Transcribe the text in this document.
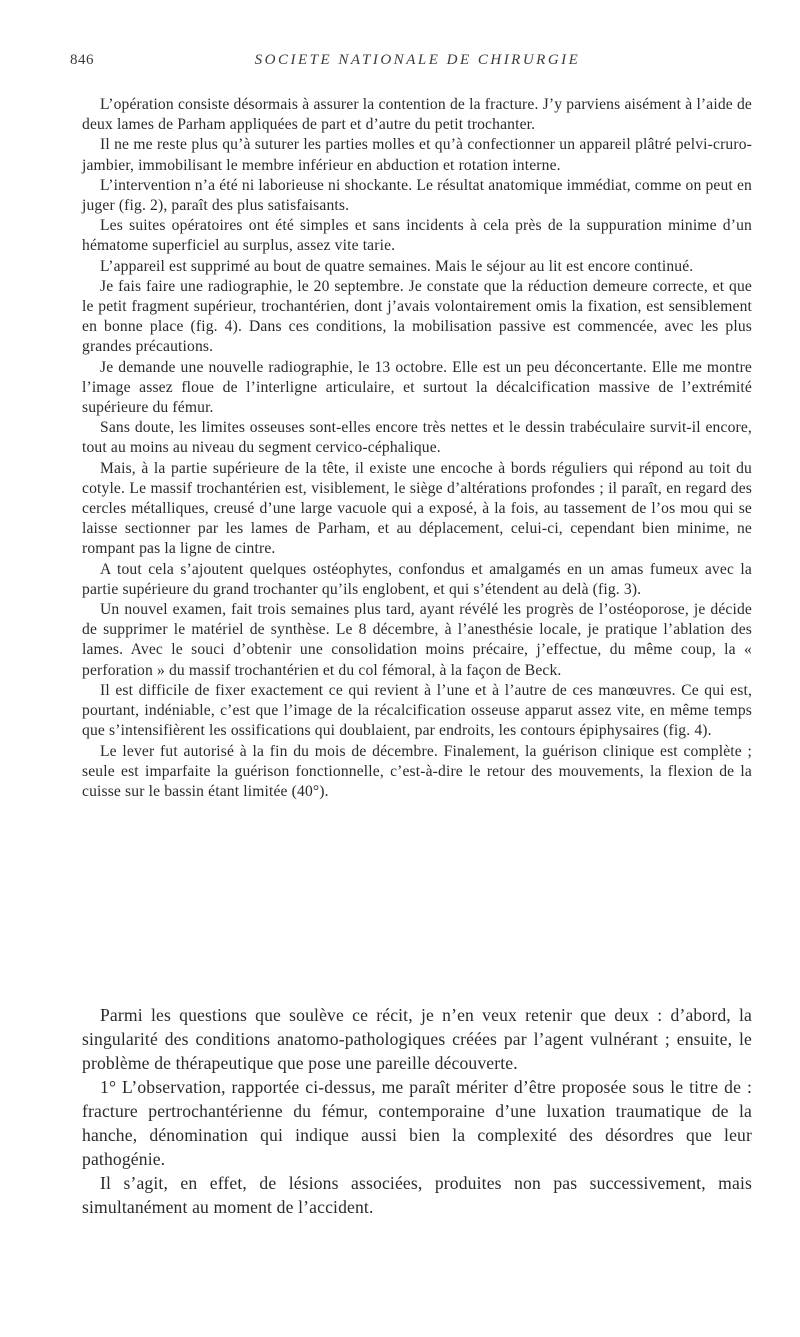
846	SOCIETE NATIONALE DE CHIRURGIE

L’opération consiste désormais à assurer la contention de la fracture. J’y parviens aisément à l’aide de deux lames de Parham appliquées de part et d’autre du petit trochanter.

Il ne me reste plus qu’à suturer les parties molles et qu’à confectionner un appareil plâtré pelvi-cruro-jambier, immobilisant le membre inférieur en abduction et rotation interne.

L’intervention n’a été ni laborieuse ni shockante. Le résultat anatomique immédiat, comme on peut en juger (fig. 2), paraît des plus satisfaisants.

Les suites opératoires ont été simples et sans incidents à cela près de la suppuration minime d’un hématome superficiel au surplus, assez vite tarie.

L’appareil est supprimé au bout de quatre semaines. Mais le séjour au lit est encore continué.

Je fais faire une radiographie, le 20 septembre. Je constate que la réduction demeure correcte, et que le petit fragment supérieur, trochantérien, dont j’avais volontairement omis la fixation, est sensiblement en bonne place (fig. 4). Dans ces conditions, la mobilisation passive est commencée, avec les plus grandes précautions.

Je demande une nouvelle radiographie, le 13 octobre. Elle est un peu déconcertante. Elle me montre l’image assez floue de l’interligne articulaire, et surtout la décalcification massive de l’extrémité supérieure du fémur.

Sans doute, les limites osseuses sont-elles encore très nettes et le dessin trabéculaire survit-il encore, tout au moins au niveau du segment cervico-céphalique.

Mais, à la partie supérieure de la tête, il existe une encoche à bords réguliers qui répond au toit du cotyle. Le massif trochantérien est, visiblement, le siège d’altérations profondes ; il paraît, en regard des cercles métalliques, creusé d’une large vacuole qui a exposé, à la fois, au tassement de l’os mou qui se laisse sectionner par les lames de Parham, et au déplacement, celui-ci, cependant bien minime, ne rompant pas la ligne de cintre.

A tout cela s’ajoutent quelques ostéophytes, confondus et amalgamés en un amas fumeux avec la partie supérieure du grand trochanter qu’ils englobent, et qui s’étendent au delà (fig. 3).

Un nouvel examen, fait trois semaines plus tard, ayant révélé les progrès de l’ostéoporose, je décide de supprimer le matériel de synthèse. Le 8 décembre, à l’anesthésie locale, je pratique l’ablation des lames. Avec le souci d’obtenir une consolidation moins précaire, j’effectue, du même coup, la « perforation » du massif trochantérien et du col fémoral, à la façon de Beck.

Il est difficile de fixer exactement ce qui revient à l’une et à l’autre de ces manœuvres. Ce qui est, pourtant, indéniable, c’est que l’image de la récalcification osseuse apparut assez vite, en même temps que s’intensifièrent les ossifications qui doublaient, par endroits, les contours épiphysaires (fig. 4).

Le lever fut autorisé à la fin du mois de décembre. Finalement, la guérison clinique est complète ; seule est imparfaite la guérison fonctionnelle, c’est-à-dire le retour des mouvements, la flexion de la cuisse sur le bassin étant limitée (40°).

Parmi les questions que soulève ce récit, je n’en veux retenir que deux : d’abord, la singularité des conditions anatomo-pathologiques créées par l’agent vulnérant ; ensuite, le problème de thérapeutique que pose une pareille découverte.

1° L’observation, rapportée ci-dessus, me paraît mériter d’être proposée sous le titre de : fracture pertrochantérienne du fémur, contemporaine d’une luxation traumatique de la hanche, dénomination qui indique aussi bien la complexité des désordres que leur pathogénie.

Il s’agit, en effet, de lésions associées, produites non pas successivement, mais simultanément au moment de l’accident.
